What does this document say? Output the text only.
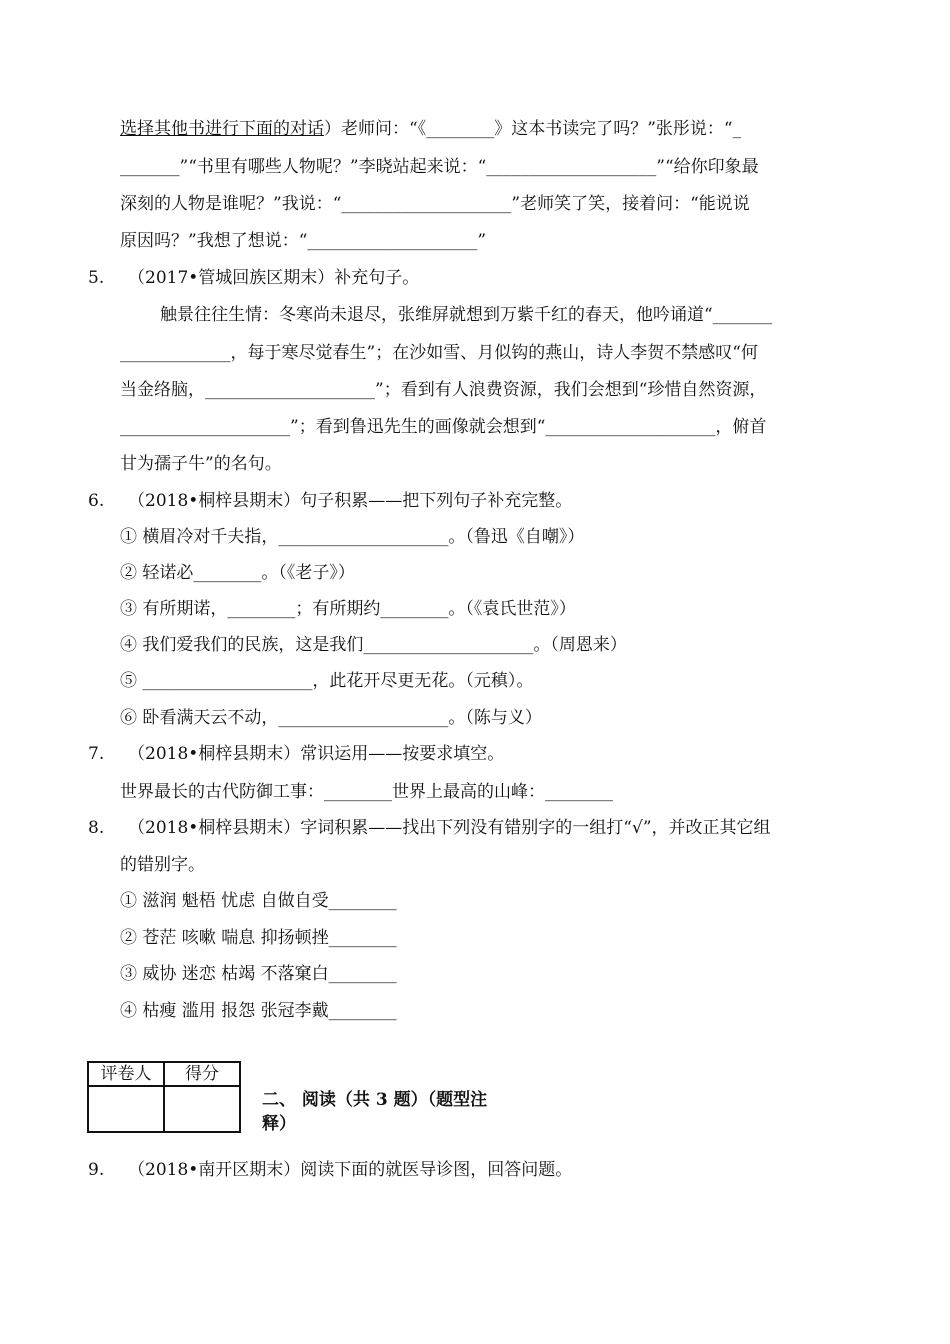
选择其他书进行下面的对话）老师问：“《________》这本书读完了吗？”张彤说：“_
_______”“书里有哪些人物呢？”李晓站起来说：“____________________”“给你印象最
深刻的人物是谁呢？”我说：“____________________”老师笑了笑，接着问：“能说说
原因吗？”我想了想说：“____________________”
5. （2017•管城回族区期末）补充句子。
触景往往生情：冬寒尚未退尽，张维屏就想到万紫千红的春天，他吟诵道“_______
_____________，每于寒尽觉春生”；在沙如雪、月似钩的燕山，诗人李贺不禁感叹“何
当金络脑，____________________”；看到有人浪费资源，我们会想到“珍惜自然资源，
____________________”；看到鲁迅先生的画像就会想到“____________________，俯首
甘为孺子牛”的名句。
6. （2018•桐梓县期末）句子积累——把下列句子补充完整。
① 横眉冷对千夫指，____________________。（鲁迅《自嘲》）
② 轻诺必________。（《老子》）
③ 有所期诺，________；有所期约________。（《袁氏世范》）
④ 我们爱我们的民族，这是我们____________________。（周恩来）
⑤ ____________________，此花开尽更无花。（元稹）。
⑥ 卧看满天云不动，____________________。（陈与义）
7. （2018•桐梓县期末）常识运用——按要求填空。
世界最长的古代防御工事：________世界上最高的山峰：________
8. （2018•桐梓县期末）字词积累——找出下列没有错别字的一组打“√”，并改正其它组
的错别字。
① 滋润 魁梧 忧虑 自做自受________
② 苍茫 咳嗽 喘息 抑扬顿挫________
③ 威协 迷恋 枯竭 不落窠白________
④ 枯瘦 滥用 报怨 张冠李戴________
评卷人	得分

二、 阅读（共 3 题）（题型注
释）
9. （2018•南开区期末）阅读下面的就医导诊图，回答问题。
